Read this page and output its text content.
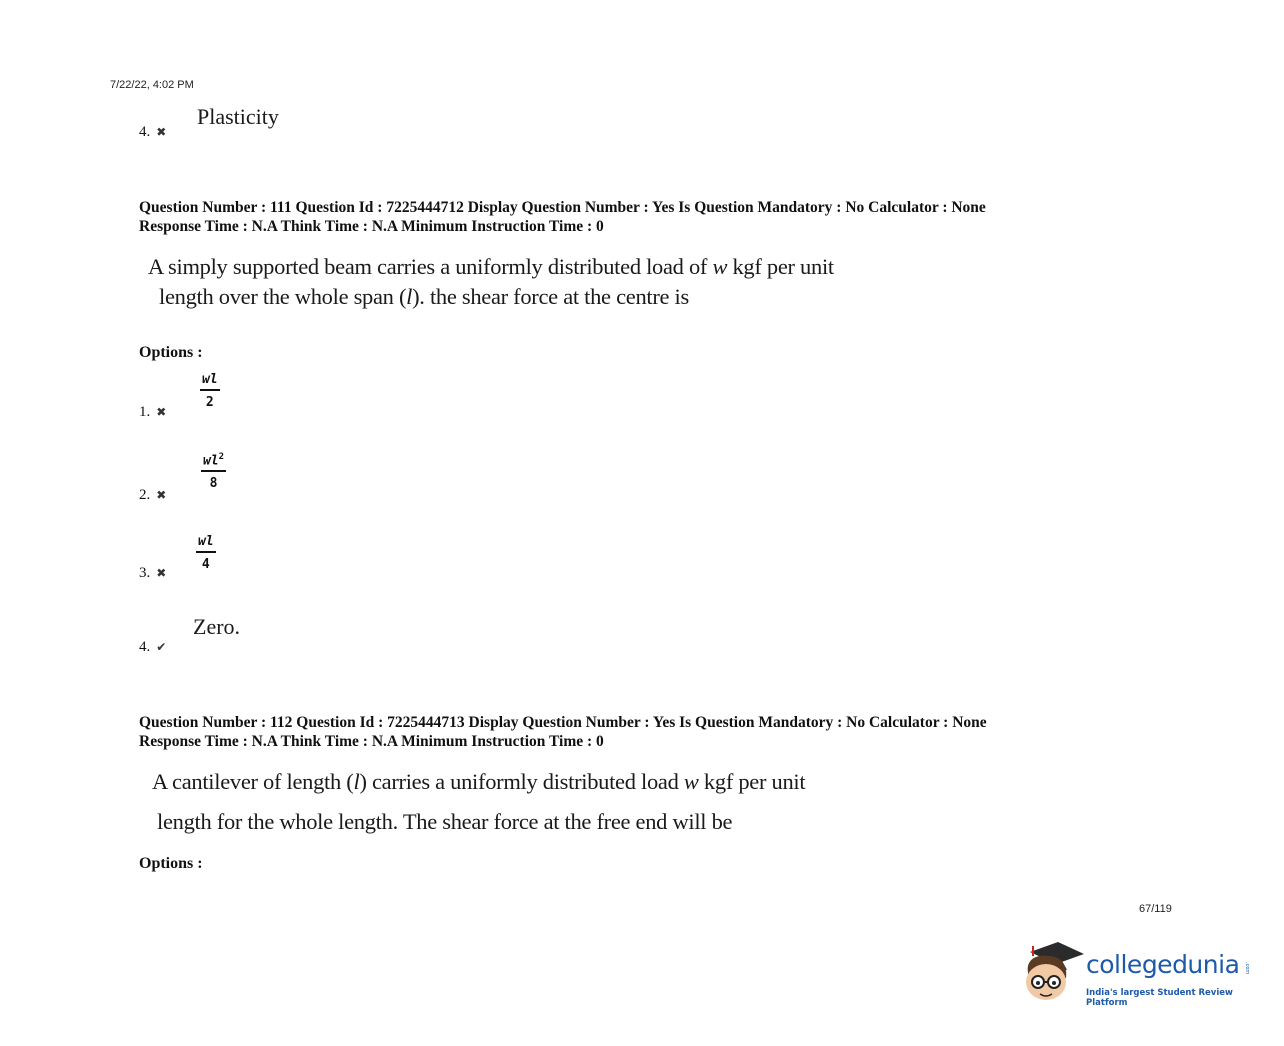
7/22/22, 4:02 PM
4. ✖
Plasticity
Question Number : 111 Question Id : 7225444712 Display Question Number : Yes Is Question Mandatory : No Calculator : None
Response Time : N.A Think Time : N.A Minimum Instruction Time : 0
A simply supported beam carries a uniformly distributed load of w kgf per unit
length over the whole span (l). the shear force at the centre is
Options :
1. ✖
wl
2
2. ✖
$wl^2$
8
3. ✖
wl
4
4. ✔
Zero.
Question Number : 112 Question Id : 7225444713 Display Question Number : Yes Is Question Mandatory : No Calculator : None
Response Time : N.A Think Time : N.A Minimum Instruction Time : 0
A cantilever of length (l) carries a uniformly distributed load w kgf per unit
length for the whole length. The shear force at the free end will be
Options :
67/119
collegedunia .com
India's largest Student Review Platform
